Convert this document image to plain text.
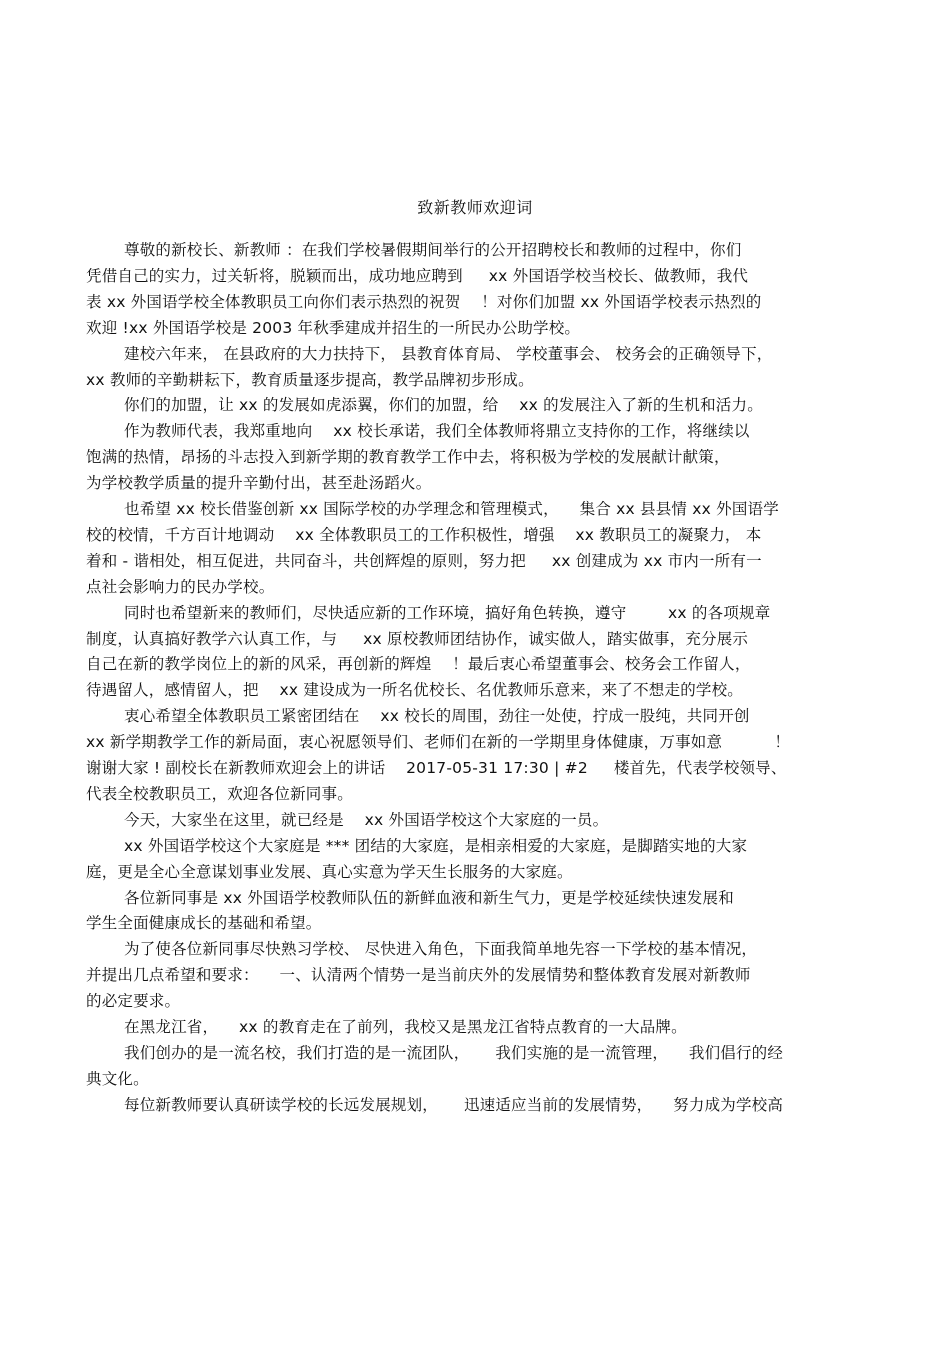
致新教师欢迎词
尊敬的新校长、新教师 ：在我们学校暑假期间举行的公开招聘校长和教师的过程中，你们
凭借自己的实力，过关斩将，脱颖而出，成功地应聘到 　 xx 外国语学校当校长、做教师，我代
表 xx 外国语学校全体教职员工向你们表示热烈的祝贺 　！对你们加盟 xx 外国语学校表示热烈的
欢迎 !xx 外国语学校是 2003 年秋季建成并招生的一所民办公助学校。
建校六年来， 在县政府的大力扶持下， 县教育体育局、 学校董事会、 校务会的正确领导下，
xx 教师的辛勤耕耘下，教育质量逐步提高，教学品牌初步形成。
你们的加盟，让 xx 的发展如虎添翼，你们的加盟，给 　xx 的发展注入了新的生机和活力。
作为教师代表，我郑重地向 　xx 校长承诺，我们全体教师将鼎立支持你的工作，将继续以
饱满的热情，昂扬的斗志投入到新学期的教育教学工作中去，将积极为学校的发展献计献策，
为学校教学质量的提升辛勤付出，甚至赴汤蹈火。
也希望 xx 校长借鉴创新 xx 国际学校的办学理念和管理模式， 　集合 xx 县县情 xx 外国语学
校的校情，千方百计地调动 　xx 全体教职员工的工作积极性，增强 　xx 教职员工的凝聚力， 本
着和 - 谐相处，相互促进，共同奋斗，共创辉煌的原则，努力把 　 xx 创建成为 xx 市内一所有一
点社会影响力的民办学校。
同时也希望新来的教师们，尽快适应新的工作环境，搞好角色转换，遵守 　　 xx 的各项规章
制度，认真搞好教学六认真工作，与 　 xx 原校教师团结协作，诚实做人，踏实做事，充分展示
自己在新的教学岗位上的新的风采，再创新的辉煌 　！最后衷心希望董事会、校务会工作留人，
待遇留人，感情留人，把 　xx 建设成为一所名优校长、名优教师乐意来，来了不想走的学校。
衷心希望全体教职员工紧密团结在 　xx 校长的周围，劲往一处使，拧成一股纯，共同开创
xx 新学期教学工作的新局面，衷心祝愿领导们、老师们在新的一学期里身体健康，万事如意 　　　！
谢谢大家 ! 副校长在新教师欢迎会上的讲话 　2017-05-31 17:30 | #2 　 楼首先，代表学校领导、
代表全校教职员工，欢迎各位新同事。
今天，大家坐在这里，就已经是 　xx 外国语学校这个大家庭的一员。
xx 外国语学校这个大家庭是 *** 团结的大家庭，是相亲相爱的大家庭，是脚踏实地的大家
庭，更是全心全意谋划事业发展、真心实意为学天生长服务的大家庭。
各位新同事是 xx 外国语学校教师队伍的新鲜血液和新生气力，更是学校延续快速发展和
学生全面健康成长的基础和希望。
为了使各位新同事尽快熟习学校、 尽快进入角色，下面我简单地先容一下学校的基本情况，
并提出几点希望和要求： 　一、认清两个情势一是当前庆外的发展情势和整体教育发展对新教师
的必定要求。
在黑龙江省， 　xx 的教育走在了前列，我校又是黑龙江省特点教育的一大品牌。
我们创办的是一流名校，我们打造的是一流团队， 　 我们实施的是一流管理， 　我们倡行的经
典文化。
每位新教师要认真研读学校的长远发展规划， 　 迅速适应当前的发展情势， 　努力成为学校高
